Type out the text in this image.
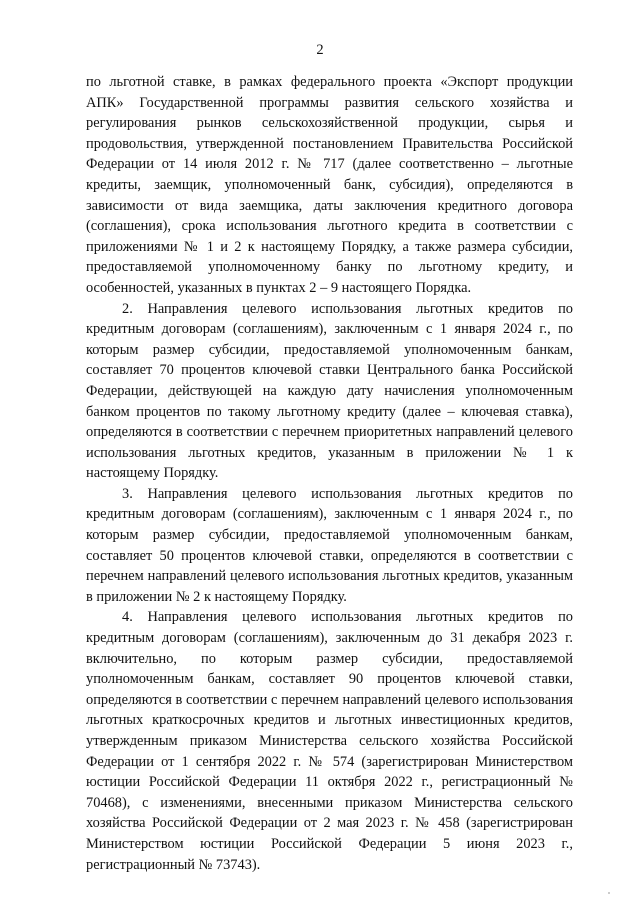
2

по льготной ставке, в рамках федерального проекта «Экспорт продукции АПК» Государственной программы развития сельского хозяйства и регулирования рынков сельскохозяйственной продукции, сырья и продовольствия, утвержденной постановлением Правительства Российской Федерации от 14 июля 2012 г. № 717 (далее соответственно – льготные кредиты, заемщик, уполномоченный банк, субсидия), определяются в зависимости от вида заемщика, даты заключения кредитного договора (соглашения), срока использования льготного кредита в соответствии с приложениями № 1 и 2 к настоящему Порядку, а также размера субсидии, предоставляемой уполномоченному банку по льготному кредиту, и особенностей, указанных в пунктах 2 – 9 настоящего Порядка.

2. Направления целевого использования льготных кредитов по кредитным договорам (соглашениям), заключенным с 1 января 2024 г., по которым размер субсидии, предоставляемой уполномоченным банкам, составляет 70 процентов ключевой ставки Центрального банка Российской Федерации, действующей на каждую дату начисления уполномоченным банком процентов по такому льготному кредиту (далее – ключевая ставка), определяются в соответствии с перечнем приоритетных направлений целевого использования льготных кредитов, указанным в приложении № 1 к настоящему Порядку.

3. Направления целевого использования льготных кредитов по кредитным договорам (соглашениям), заключенным с 1 января 2024 г., по которым размер субсидии, предоставляемой уполномоченным банкам, составляет 50 процентов ключевой ставки, определяются в соответствии с перечнем направлений целевого использования льготных кредитов, указанным в приложении № 2 к настоящему Порядку.

4. Направления целевого использования льготных кредитов по кредитным договорам (соглашениям), заключенным до 31 декабря 2023 г. включительно, по которым размер субсидии, предоставляемой уполномоченным банкам, составляет 90 процентов ключевой ставки, определяются в соответствии с перечнем направлений целевого использования льготных краткосрочных кредитов и льготных инвестиционных кредитов, утвержденным приказом Министерства сельского хозяйства Российской Федерации от 1 сентября 2022 г. № 574 (зарегистрирован Министерством юстиции Российской Федерации 11 октября 2022 г., регистрационный № 70468), с изменениями, внесенными приказом Министерства сельского хозяйства Российской Федерации от 2 мая 2023 г. № 458 (зарегистрирован Министерством юстиции Российской Федерации 5 июня 2023 г., регистрационный № 73743).
